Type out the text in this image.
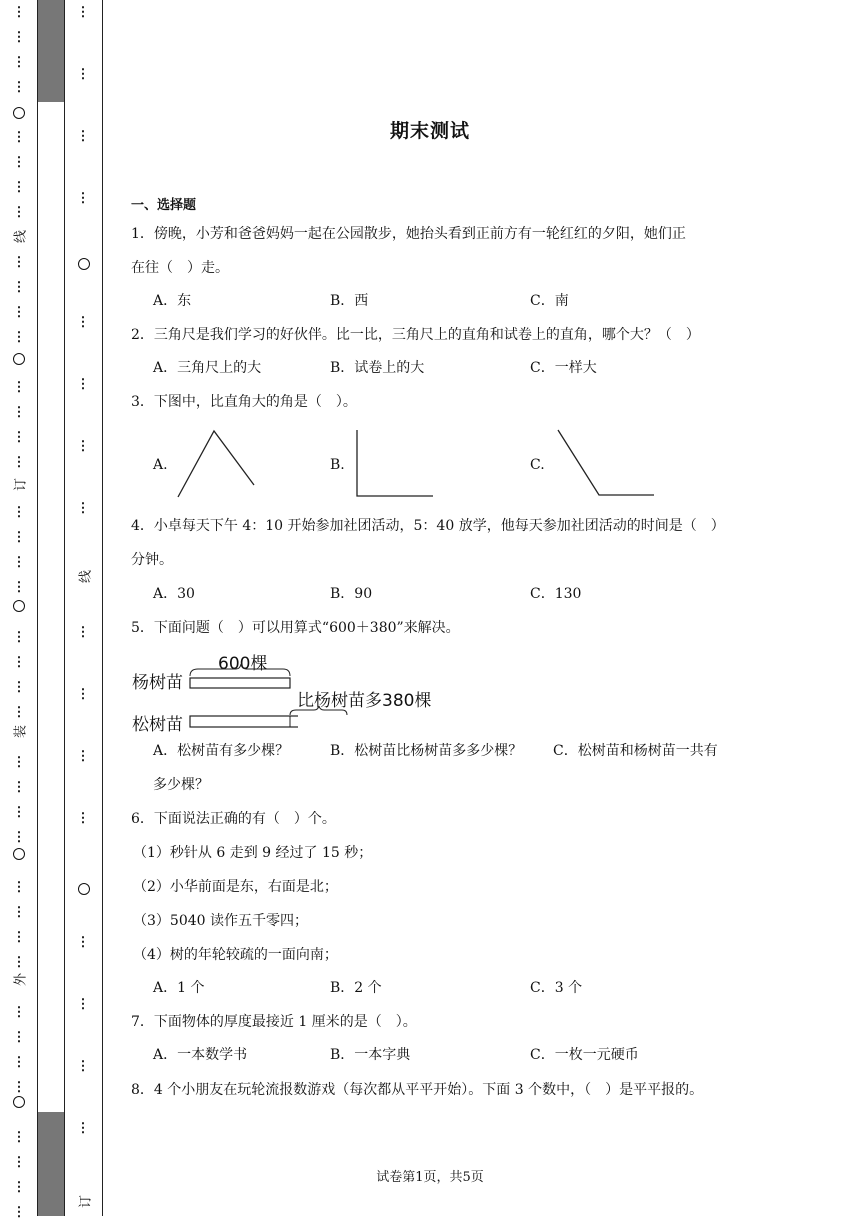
⋮
⋮
⋮
⋮
⋮
⋮
⋮
⋮
⋮
⋮
⋮
⋮
⋮
⋮
⋮
⋮
⋮
⋮
⋮
⋮
⋮
⋮
⋮
⋮
⋮
⋮
⋮
⋮
⋮
⋮
⋮
⋮
⋮
⋮
⋮
⋮
⋮
⋮
⋮
⋮
⋮
⋮
⋮
⋮
⋮
⋮
⋮
⋮
⋮
⋮
⋮
⋮
⋮
⋮
⋮
⋮
线
订
装
外
线
订
期末测试
一、选择题
1．傍晚，小芳和爸爸妈妈一起在公园散步，她抬头看到正前方有一轮红红的夕阳，她们正
在往（　）走。
A．东	B．西	C．南
2．三角尺是我们学习的好伙伴。比一比，三角尺上的直角和试卷上的直角，哪个大？（　）
A．三角尺上的大	B．试卷上的大	C．一样大
3．下图中，比直角大的角是（　）。
A.	B.	C.
4．小卓每天下午 4：10 开始参加社团活动，5：40 放学，他每天参加社团活动的时间是（　）
分钟。
A．30	B．90	C．130
5．下面问题（　）可以用算式“600＋380”来解决。
杨树苗
600棵
松树苗
比杨树苗多380棵
A．松树苗有多少棵？	B．松树苗比杨树苗多多少棵？ C．松树苗和杨树苗一共有
多少棵？
6．下面说法正确的有（　）个。
（1）秒针从 6 走到 9 经过了 15 秒；
（2）小华前面是东，右面是北；
（3）5040 读作五千零四；
（4）树的年轮较疏的一面向南；
A．1 个	B．2 个	C．3 个
7．下面物体的厚度最接近 1 厘米的是（　）。
A．一本数学书	B．一本字典	C．一枚一元硬币
8．4 个小朋友在玩轮流报数游戏（每次都从平平开始）。下面 3 个数中，（　）是平平报的。
试卷第1页，共5页
